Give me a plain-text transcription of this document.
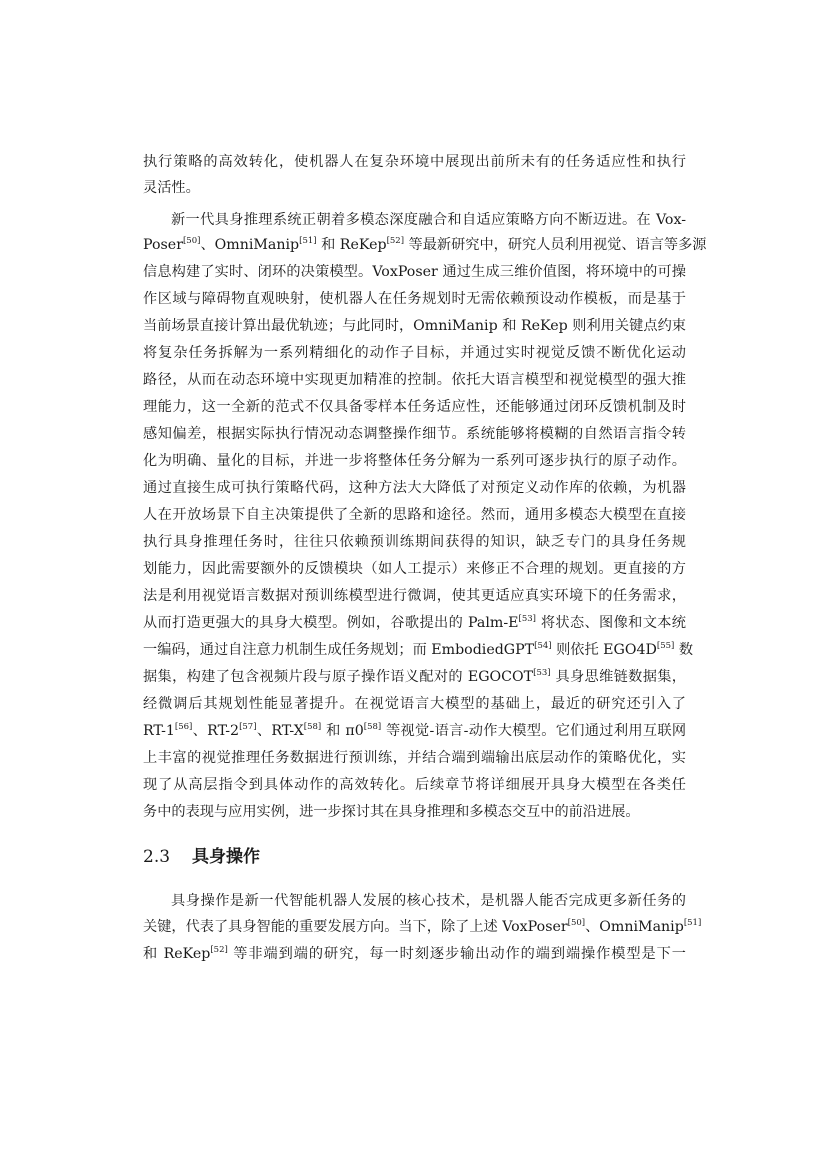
执行策略的高效转化，使机器人在复杂环境中展现出前所未有的任务适应性和执行
灵活性。
新一代具身推理系统正朝着多模态深度融合和自适应策略方向不断迈进。在 Vox-
Poser[50]、OmniManip[51] 和 ReKep[52] 等最新研究中，研究人员利用视觉、语言等多源
信息构建了实时、闭环的决策模型。VoxPoser 通过生成三维价值图，将环境中的可操
作区域与障碍物直观映射，使机器人在任务规划时无需依赖预设动作模板，而是基于
当前场景直接计算出最优轨迹；与此同时，OmniManip 和 ReKep 则利用关键点约束
将复杂任务拆解为一系列精细化的动作子目标，并通过实时视觉反馈不断优化运动
路径，从而在动态环境中实现更加精准的控制。依托大语言模型和视觉模型的强大推
理能力，这一全新的范式不仅具备零样本任务适应性，还能够通过闭环反馈机制及时
感知偏差，根据实际执行情况动态调整操作细节。系统能够将模糊的自然语言指令转
化为明确、量化的目标，并进一步将整体任务分解为一系列可逐步执行的原子动作。
通过直接生成可执行策略代码，这种方法大大降低了对预定义动作库的依赖，为机器
人在开放场景下自主决策提供了全新的思路和途径。然而，通用多模态大模型在直接
执行具身推理任务时，往往只依赖预训练期间获得的知识，缺乏专门的具身任务规
划能力，因此需要额外的反馈模块（如人工提示）来修正不合理的规划。更直接的方
法是利用视觉语言数据对预训练模型进行微调，使其更适应真实环境下的任务需求，
从而打造更强大的具身大模型。例如，谷歌提出的 Palm-E[53] 将状态、图像和文本统
一编码，通过自注意力机制生成任务规划；而 EmbodiedGPT[54] 则依托 EGO4D[55] 数
据集，构建了包含视频片段与原子操作语义配对的 EGOCOT[53] 具身思维链数据集，
经微调后其规划性能显著提升。在视觉语言大模型的基础上，最近的研究还引入了
RT-1[56]、RT-2[57]、RT-X[58] 和 π0[58] 等视觉-语言-动作大模型。它们通过利用互联网
上丰富的视觉推理任务数据进行预训练，并结合端到端输出底层动作的策略优化，实
现了从高层指令到具体动作的高效转化。后续章节将详细展开具身大模型在各类任
务中的表现与应用实例，进一步探讨其在具身推理和多模态交互中的前沿进展。
2.3 具身操作
具身操作是新一代智能机器人发展的核心技术，是机器人能否完成更多新任务的
关键，代表了具身智能的重要发展方向。当下，除了上述 VoxPoser[50]、OmniManip[51]
和 ReKep[52] 等非端到端的研究，每一时刻逐步输出动作的端到端操作模型是下一
